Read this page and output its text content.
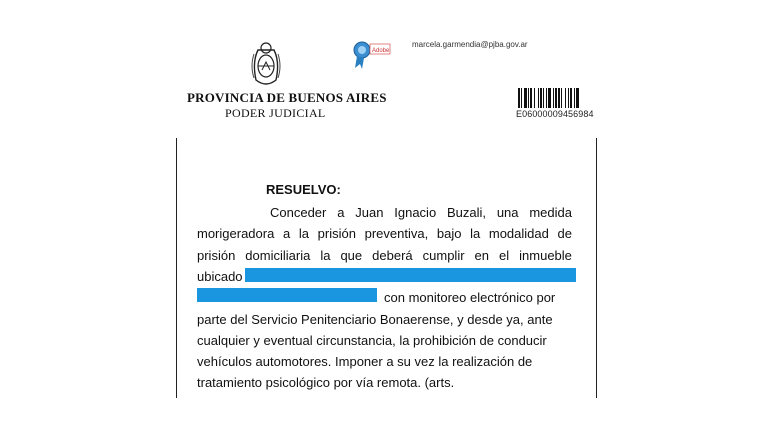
Adobe
marcela.garmendia@pjba.gov.ar
PROVINCIA DE BUENOS AIRES
PODER JUDICIAL	E06000009456984
RESUELVO:
Conceder a Juan Ignacio Buzali, una medida
morigeradora a la prisión preventiva, bajo la modalidad de
prisión domiciliaria la que deberá cumplir en el inmueble
ubicado
con monitoreo electrónico por
parte del Servicio Penitenciario Bonaerense, y desde ya, ante
cualquier y eventual circunstancia, la prohibición de conducir
vehículos automotores. Imponer a su vez la realización de
tratamiento psicológico por vía remota. (arts.
